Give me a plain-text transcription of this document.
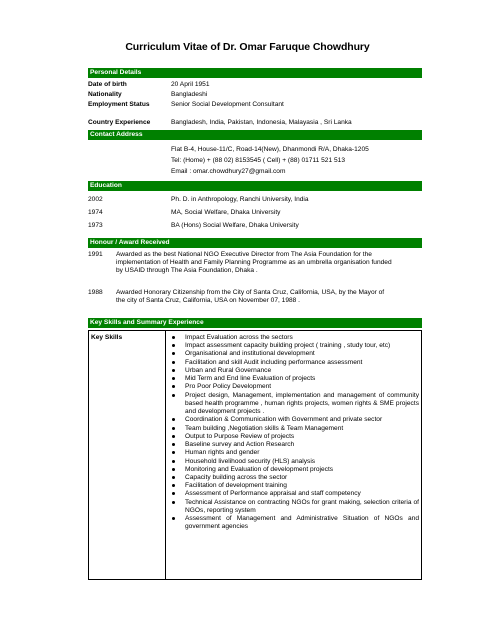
Curriculum Vitae of Dr. Omar Faruque Chowdhury
Personal Details
Date of birth	20 April 1951
Nationality	Bangladeshi
Employment Status	Senior Social Development Consultant
Country Experience	Bangladesh, India, Pakistan, Indonesia, Malayasia , Sri Lanka
Contact Address
Flat B-4, House-11/C, Road-14(New), Dhanmondi R/A, Dhaka-1205
Tel: (Home) + (88 02) 8153545 ( Cell) + (88) 01711 521 513
Email : omar.chowdhury27@gmail.com
Education
2002	Ph. D. in Anthropology, Ranchi University, India
1974	MA, Social Welfare, Dhaka University
1973	BA (Hons) Social Welfare, Dhaka University
Honour / Award Received
1991 Awarded as the best National NGO Executive Director from The Asia Foundation for the
implementation of Health and Family Planning Programme as an umbrella organisation funded
by USAID through The Asia Foundation, Dhaka .
1988 Awarded Honorary Citizenship from the City of Santa Cruz, California, USA, by the Mayor of
the city of Santa Cruz, California, USA on November 07, 1988 .
Key Skills and Summary Experience
Key Skills	Impact Evaluation across the sectors
Impact assessment capacity building project ( training , study tour, etc)
Organisational and institutional development
Facilitation and skill Audit including performance assessment
Urban and Rural Governance
Mid Term and End line Evaluation of projects
Pro Poor Policy Development
Project design, Management, implementation and management of community based health programme , human rights projects, women rights & SME projects and development projects .
Coordination & Communication with Government and private sector
Team building ,Negotiation skills & Team Management
Output to Purpose Review of projects
Baseline survey and Action Research
Human rights and gender
Household livelihood security (HLS) analysis
Monitoring and Evaluation of development projects
Capacity building across the sector
Facilitation of development training
Assessment of Performance appraisal and staff competency
Technical Assistance on contracting NGOs for grant making, selection criteria of NGOs, reporting system
Assessment of Management and Administrative Situation of NGOs and government agencies
